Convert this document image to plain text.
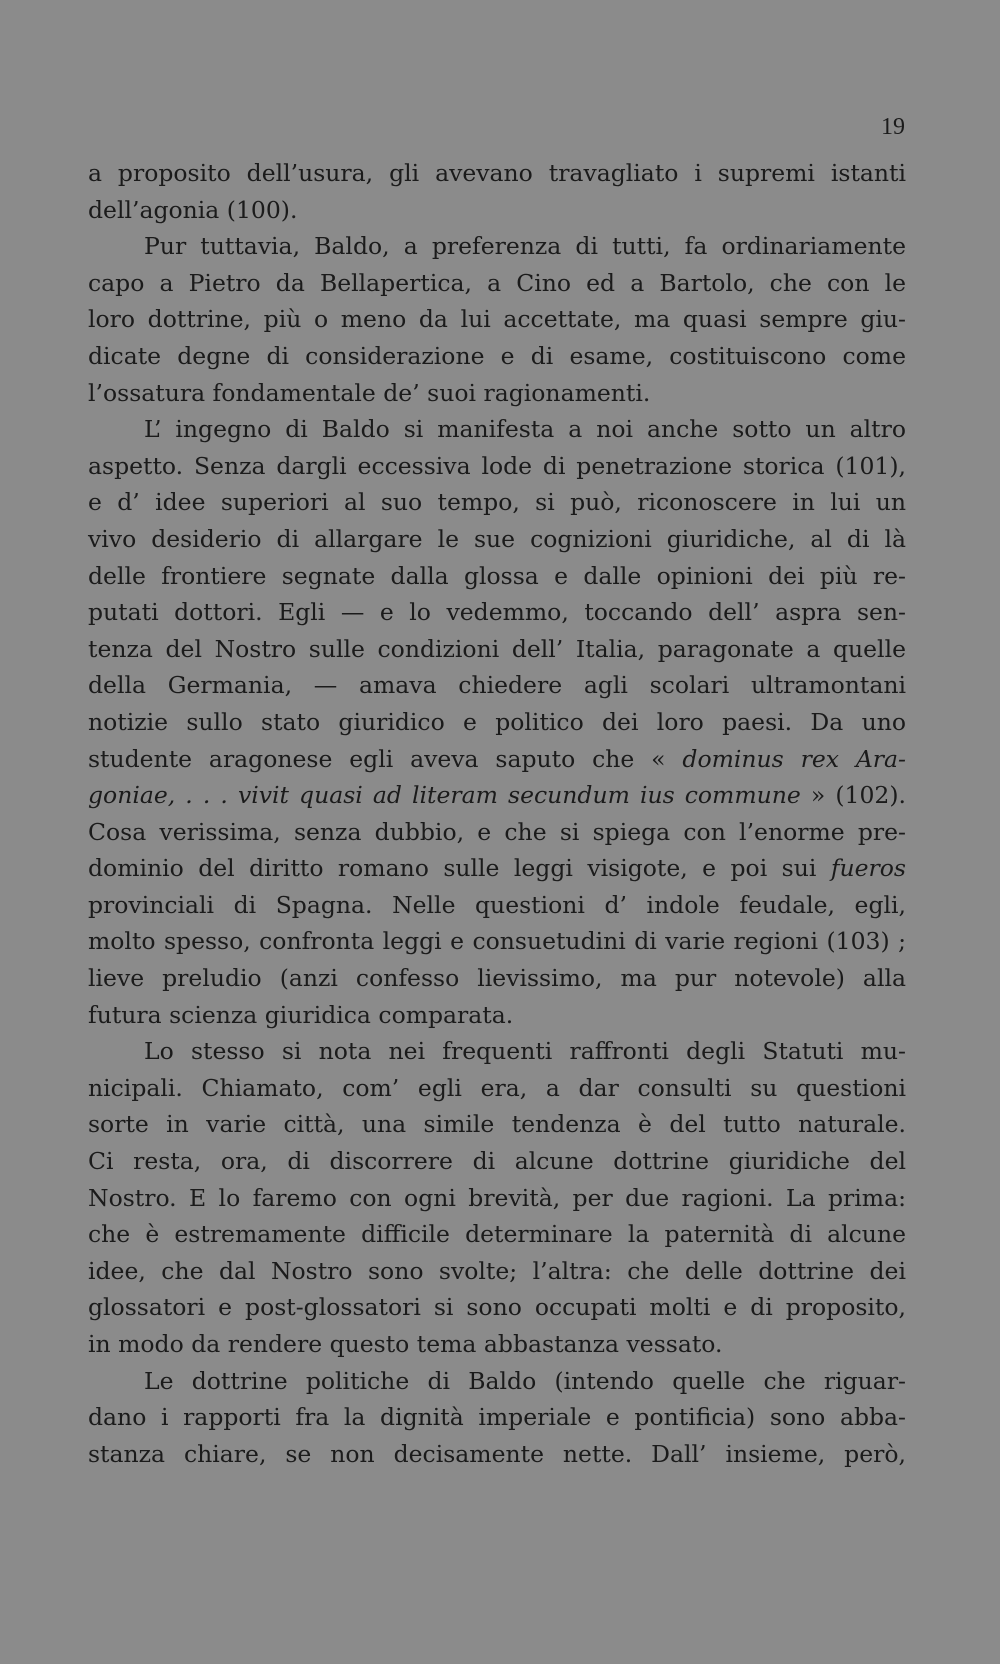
19
a proposito dell’usura, gli avevano travagliato i supremi istanti
dell’agonia (100).
Pur tuttavia, Baldo, a preferenza di tutti, fa ordinariamente
capo a Pietro da Bellapertica, a Cino ed a Bartolo, che con le
loro dottrine, più o meno da lui accettate, ma quasi sempre giu-
dicate degne di considerazione e di esame, costituiscono come
l’ossatura fondamentale de’ suoi ragionamenti.
L’ ingegno di Baldo si manifesta a noi anche sotto un altro
aspetto. Senza dargli eccessiva lode di penetrazione storica (101),
e d’ idee superiori al suo tempo, si può, riconoscere in lui un
vivo desiderio di allargare le sue cognizioni giuridiche, al di là
delle frontiere segnate dalla glossa e dalle opinioni dei più re-
putati dottori. Egli — e lo vedemmo, toccando dell’ aspra sen-
tenza del Nostro sulle condizioni dell’ Italia, paragonate a quelle
della Germania, — amava chiedere agli scolari ultramontani
notizie sullo stato giuridico e politico dei loro paesi. Da uno
studente aragonese egli aveva saputo che « dominus rex Ara-
goniae, . . . vivit quasi ad literam secundum ius commune » (102).
Cosa verissima, senza dubbio, e che si spiega con l’enorme pre-
dominio del diritto romano sulle leggi visigote, e poi sui fueros
provinciali di Spagna. Nelle questioni d’ indole feudale, egli,
molto spesso, confronta leggi e consuetudini di varie regioni (103) ;
lieve preludio (anzi confesso lievissimo, ma pur notevole) alla
futura scienza giuridica comparata.
Lo stesso si nota nei frequenti raffronti degli Statuti mu-
nicipali. Chiamato, com’ egli era, a dar consulti su questioni
sorte in varie città, una simile tendenza è del tutto naturale.
Ci resta, ora, di discorrere di alcune dottrine giuridiche del
Nostro. E lo faremo con ogni brevità, per due ragioni. La prima:
che è estremamente difficile determinare la paternità di alcune
idee, che dal Nostro sono svolte; l’altra: che delle dottrine dei
glossatori e post-glossatori si sono occupati molti e di proposito,
in modo da rendere questo tema abbastanza vessato.
Le dottrine politiche di Baldo (intendo quelle che riguar-
dano i rapporti fra la dignità imperiale e pontificia) sono abba-
stanza chiare, se non decisamente nette. Dall’ insieme, però,
